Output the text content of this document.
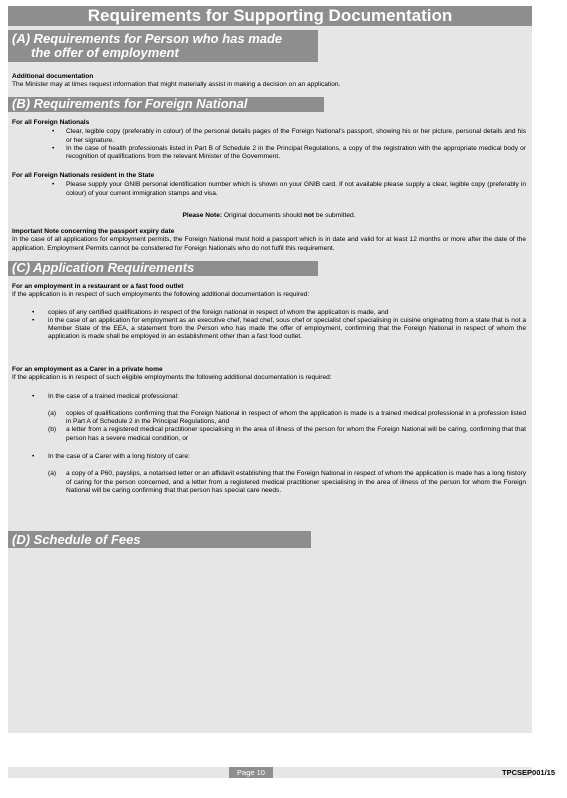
Requirements for Supporting Documentation
(A) Requirements for Person who has made
the offer of employment

Additional documentation

The Minister may at times request information that might materially assist in making a decision on an application.

(B) Requirements for Foreign National

For all Foreign Nationals

• Clear, legible copy (preferably in colour) of the personal details pages of the Foreign National's passport, showing his or her picture, personal details and his or her signature.

• In the case of health professionals listed in Part B of Schedule 2 in the Principal Regulations, a copy of the registration with the appropriate medical body or recognition of qualifications from the relevant Minister of the Government.

For all Foreign Nationals resident in the State

• Please supply your GNIB personal identification number which is shown on your GNIB card. If not available please supply a clear, legible copy (preferably in colour) of your current immigration stamps and visa.

Please Note: Original documents should not be submitted.

Important Note concerning the passport expiry date

In the case of all applications for employment permits, the Foreign National must hold a passport which is in date and valid for at least 12 months or more after the date of the application. Employment Permits cannot be considered for Foreign Nationals who do not fulfil this requirement.

(C) Application Requirements

For an employment in a restaurant or a fast food outlet

If the application is in respect of such employments the following additional documentation is required:

• copies of any certified qualifications in respect of the foreign national in respect of whom the application is made, and

• in the case of an application for employment as an executive chef, head chef, sous chef or specialist chef specialising in cuisine originating from a state that is not a Member State of the EEA, a statement from the Person who has made the offer of employment, confirming that the Foreign National in respect of whom the application is made shall be employed in an establishment other than a fast food outlet.

For an employment as a Carer in a private home

If the application is in respect of such eligible employments the following additional documentation is required:

• In the case of a trained medical professional:

(a) copies of qualifications confirming that the Foreign National in respect of whom the application is made is a trained medical professional in a profession listed in Part A of Schedule 2 in the Principal Regulations, and

(b) a letter from a registered medical practitioner specialising in the area of illness of the person for whom the Foreign National will be caring, confirming that that person has a severe medical condition, or

• In the case of a Carer with a long history of care:

(a) a copy of a P60, payslips, a notarised letter or an affidavit establishing that the Foreign National in respect of whom the application is made has a long history of caring for the person concerned, and a letter from a registered medical practitioner specialising in the area of illness of the person for whom the Foreign National will be caring confirming that that person has special care needs.

(D) Schedule of Fees
Page 10	TPCSEP001/15
